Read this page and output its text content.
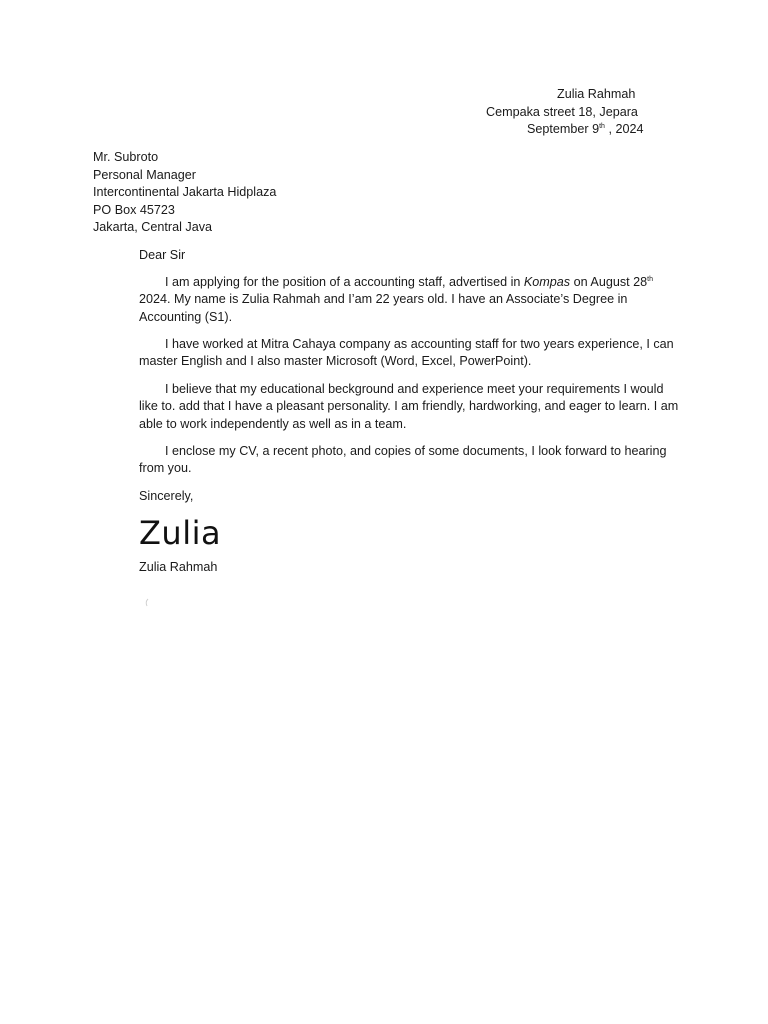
Zulia Rahmah
Cempaka street 18, Jepara
September 9th , 2024
Mr. Subroto
Personal Manager
Intercontinental Jakarta Hidplaza
PO Box 45723
Jakarta, Central Java

Dear Sir

I am applying for the position of a accounting staff, advertised in Kompas on August 28th 2024. My name is Zulia Rahmah and I’am 22 years old. I have an Associate’s Degree in Accounting (S1).

I have worked at Mitra Cahaya company as accounting staff for two years experience, I can master English and I also master Microsoft (Word, Excel, PowerPoint).

I believe that my educational beckground and experience meet your requirements I would like to. add that I have a pleasant personality. I am friendly, hardworking, and eager to learn. I am able to work independently as well as in a team.

I enclose my CV, a recent photo, and copies of some documents, I look forward to hearing from you.

Sincerely,

Zulia

Zulia Rahmah
